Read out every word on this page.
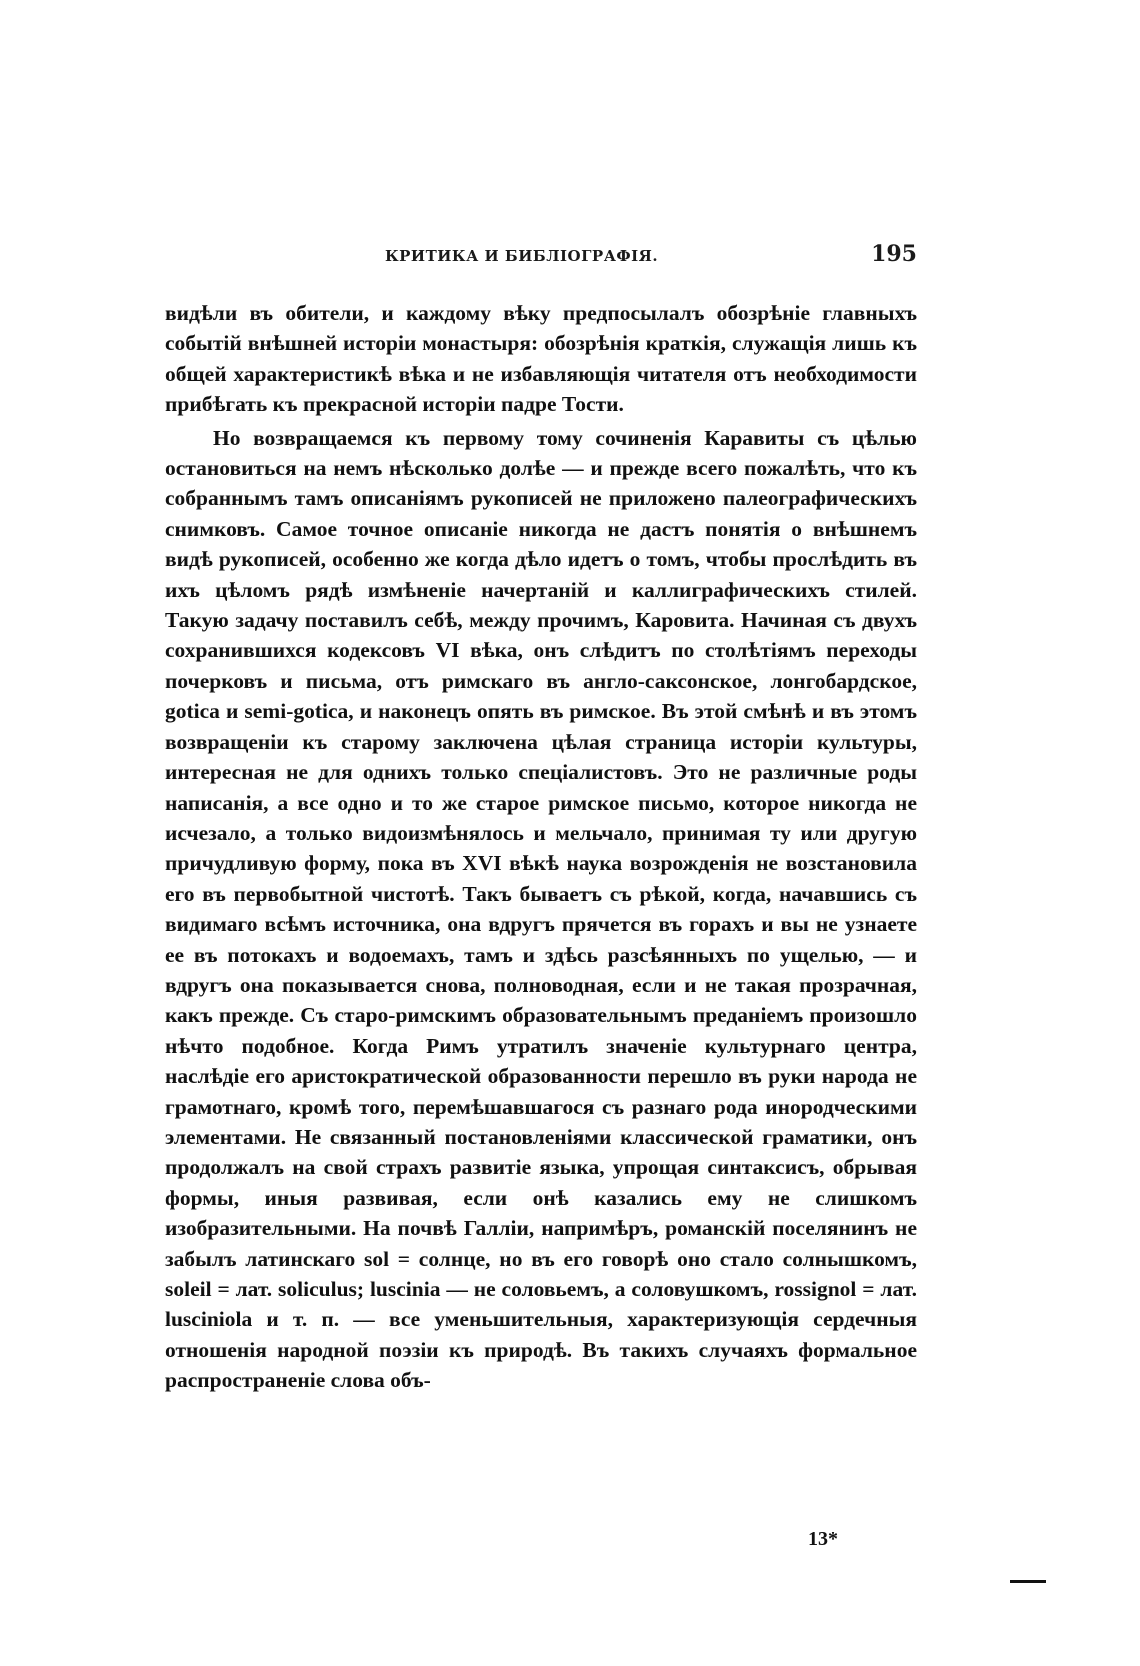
КРИТИКА И БИБЛІОГРАФІЯ.	195

видѣли въ обители, и каждому вѣку предпосылалъ обозрѣніе главныхъ событій внѣшней исторіи монастыря: обозрѣнія краткія, служащія лишь къ общей характеристикѣ вѣка и не избавляющія читателя отъ необходимости прибѣгать къ прекрасной исторіи падре Тости.

Но возвращаемся къ первому тому сочиненія Каравиты съ цѣлью остановиться на немъ нѣсколько долѣе — и прежде всего пожалѣть, что къ собраннымъ тамъ описаніямъ рукописей не приложено палеографическихъ снимковъ. Самое точное описаніе никогда не дастъ понятія о внѣшнемъ видѣ рукописей, особенно же когда дѣло идетъ о томъ, чтобы прослѣдить въ ихъ цѣломъ рядѣ измѣненіе начертаній и каллиграфическихъ стилей. Такую задачу поставилъ себѣ, между прочимъ, Каровита. Начиная съ двухъ сохранившихся кодексовъ VI вѣка, онъ слѣдитъ по столѣтіямъ переходы почерковъ и письма, отъ римскаго въ англо-саксонское, лонгобардское, gotica и semi-gotica, и наконецъ опять въ римское. Въ этой смѣнѣ и въ этомъ возвращеніи къ старому заключена цѣлая страница исторіи культуры, интересная не для однихъ только спеціалистовъ. Это не различные роды написанія, а все одно и то же старое римское письмо, которое никогда не исчезало, а только видоизмѣнялось и мельчало, принимая ту или другую причудливую форму, пока въ XVI вѣкѣ наука возрожденія не возстановила его въ первобытной чистотѣ. Такъ бываетъ съ рѣкой, когда, начавшись съ видимаго всѣмъ источника, она вдругъ прячется въ горахъ и вы не узнаете ее въ потокахъ и водоемахъ, тамъ и здѣсь разсѣянныхъ по ущелью, — и вдругъ она показывается снова, полноводная, если и не такая прозрачная, какъ прежде. Съ старо-римскимъ образовательнымъ преданіемъ произошло нѣчто подобное. Когда Римъ утратилъ значеніе культурнаго центра, наслѣдіе его аристократической образованности перешло въ руки народа не грамотнаго, кромѣ того, перемѣшавшагося съ разнаго рода инородческими элементами. Не связанный постановленіями классической граматики, онъ продолжалъ на свой страхъ развитіе языка, упрощая синтаксисъ, обрывая формы, иныя развивая, если онѣ казались ему не слишкомъ изобразительными. На почвѣ Галліи, напримѣръ, романскій поселянинъ не забылъ латинскаго sol = солнце, но въ его говорѣ оно стало солнышкомъ, soleil = лат. soliculus; luscinia — не соловьемъ, а соловушкомъ, rossignol = лат. lusciniola и т. п. — все уменьшительныя, характеризующія сердечныя отношенія народной поэзіи къ природѣ. Въ такихъ случаяхъ формальное распространеніе слова объ-

13*
